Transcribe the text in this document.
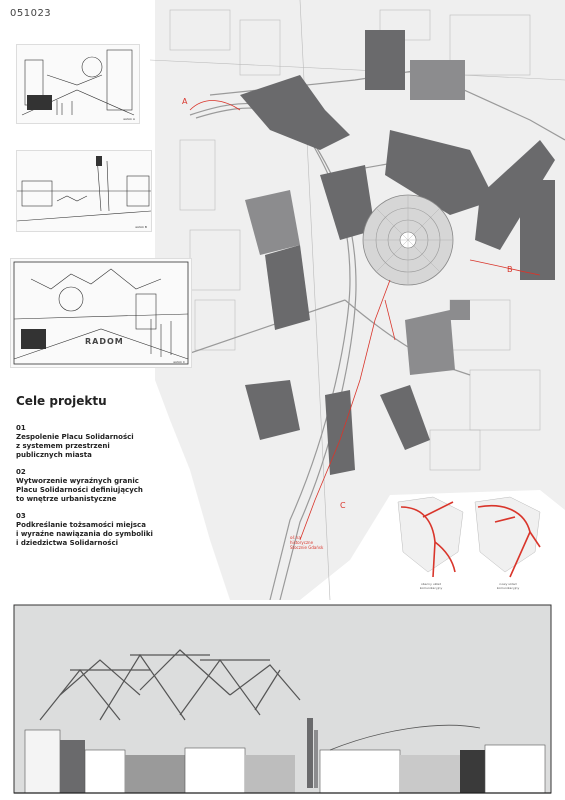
051023
A
B
C
oś na
historyczne
Stocznie Gdańsk
widok A
widok B
RADOM
widok C
Cele projektu
01
Zespolenie Placu Solidarności
z systemem przestrzeni
publicznych miasta
02
Wytworzenie wyraźnych granic
Placu Solidarności definiujących
to wnętrze urbanistyczne
03
Podkreślanie tożsamości miejsca
i wyraźne nawiązania do symboliki
i dziedzictwa Solidarności
obecny układ
komunikacyjny
nowy układ
komunikacyjny
